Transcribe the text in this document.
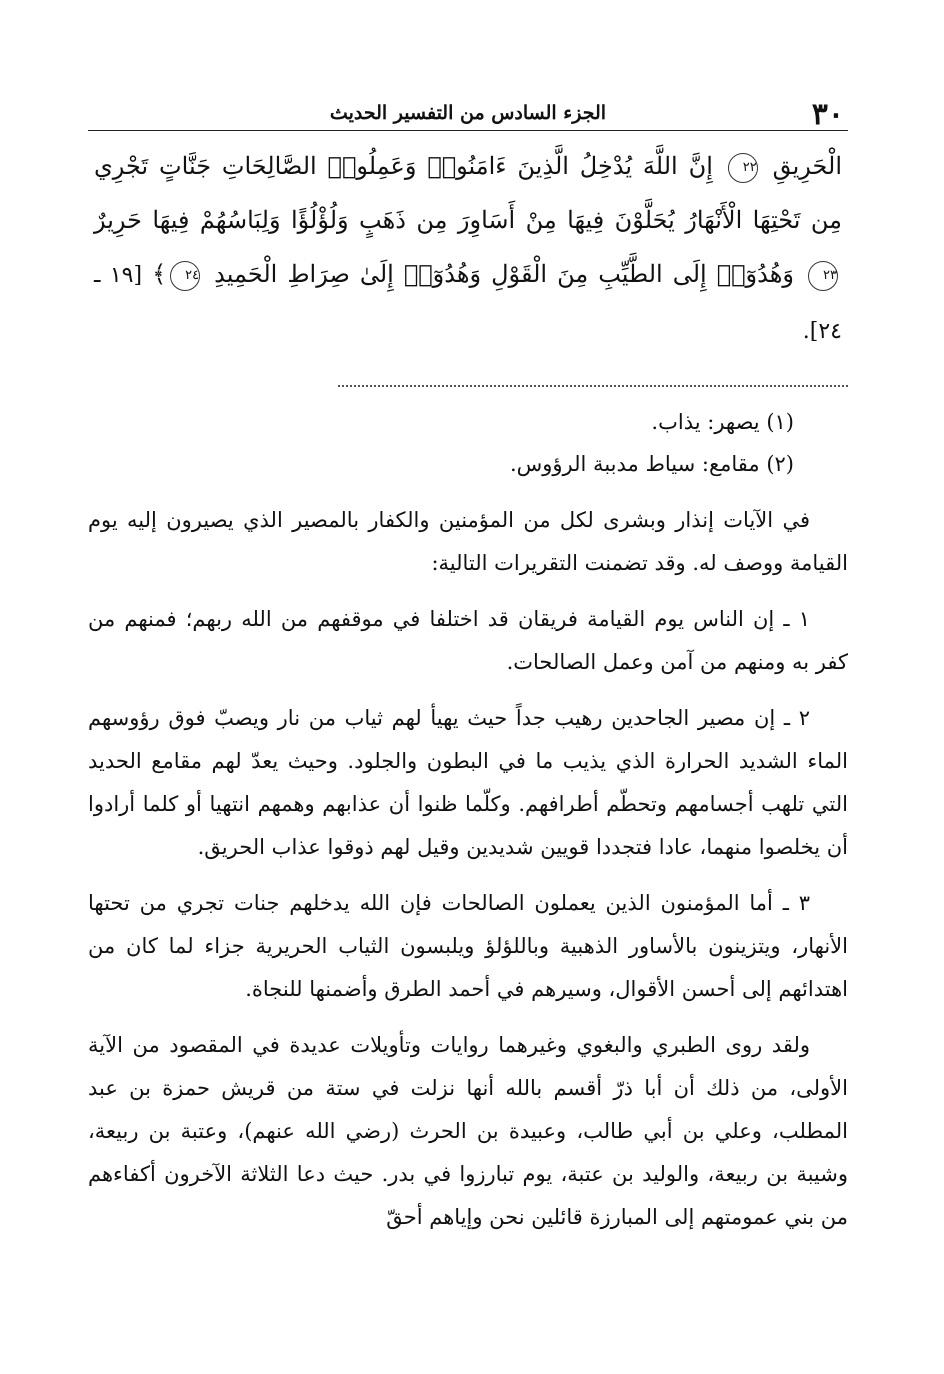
٣٠
الجزء السادس من التفسير الحديث
الْحَرِيقِ ٢٢ إِنَّ اللَّهَ يُدْخِلُ الَّذِينَ ءَامَنُوا۟ وَعَمِلُوا۟ الصَّالِحَاتِ جَنَّاتٍ تَجْرِي مِن تَحْتِهَا الْأَنْهَارُ يُحَلَّوْنَ فِيهَا مِنْ أَسَاوِرَ مِن ذَهَبٍ وَلُؤْلُؤًا وَلِبَاسُهُمْ فِيهَا حَرِيرٌ ٢٣ وَهُدُوٓا۟ إِلَى الطَّيِّبِ مِنَ الْقَوْلِ وَهُدُوٓا۟ إِلَىٰ صِرَاطِ الْحَمِيدِ ٢٤﴾ [١٩ ـ ٢٤].
(١) يصهر: يذاب.
(٢) مقامع: سياط مدببة الرؤوس.

في الآيات إنذار وبشرى لكل من المؤمنين والكفار بالمصير الذي يصيرون إليه يوم القيامة ووصف له. وقد تضمنت التقريرات التالية:

١ ـ إن الناس يوم القيامة فريقان قد اختلفا في موقفهم من الله ربهم؛ فمنهم من كفر به ومنهم من آمن وعمل الصالحات.

٢ ـ إن مصير الجاحدين رهيب جداً حيث يهيأ لهم ثياب من نار ويصبّ فوق رؤوسهم الماء الشديد الحرارة الذي يذيب ما في البطون والجلود. وحيث يعدّ لهم مقامع الحديد التي تلهب أجسامهم وتحطّم أطرافهم. وكلّما ظنوا أن عذابهم وهمهم انتهيا أو كلما أرادوا أن يخلصوا منهما، عادا فتجددا قويين شديدين وقيل لهم ذوقوا عذاب الحريق.

٣ ـ أما المؤمنون الذين يعملون الصالحات فإن الله يدخلهم جنات تجري من تحتها الأنهار، ويتزينون بالأساور الذهبية وباللؤلؤ ويلبسون الثياب الحريرية جزاء لما كان من اهتدائهم إلى أحسن الأقوال، وسيرهم في أحمد الطرق وأضمنها للنجاة.

ولقد روى الطبري والبغوي وغيرهما روايات وتأويلات عديدة في المقصود من الآية الأولى، من ذلك أن أبا ذرّ أقسم بالله أنها نزلت في ستة من قريش حمزة بن عبد المطلب، وعلي بن أبي طالب، وعبيدة بن الحرث (رضي الله عنهم)، وعتبة بن ربيعة، وشيبة بن ربيعة، والوليد بن عتبة، يوم تبارزوا في بدر. حيث دعا الثلاثة الآخرون أكفاءهم من بني عمومتهم إلى المبارزة قائلين نحن وإياهم أحقّ
